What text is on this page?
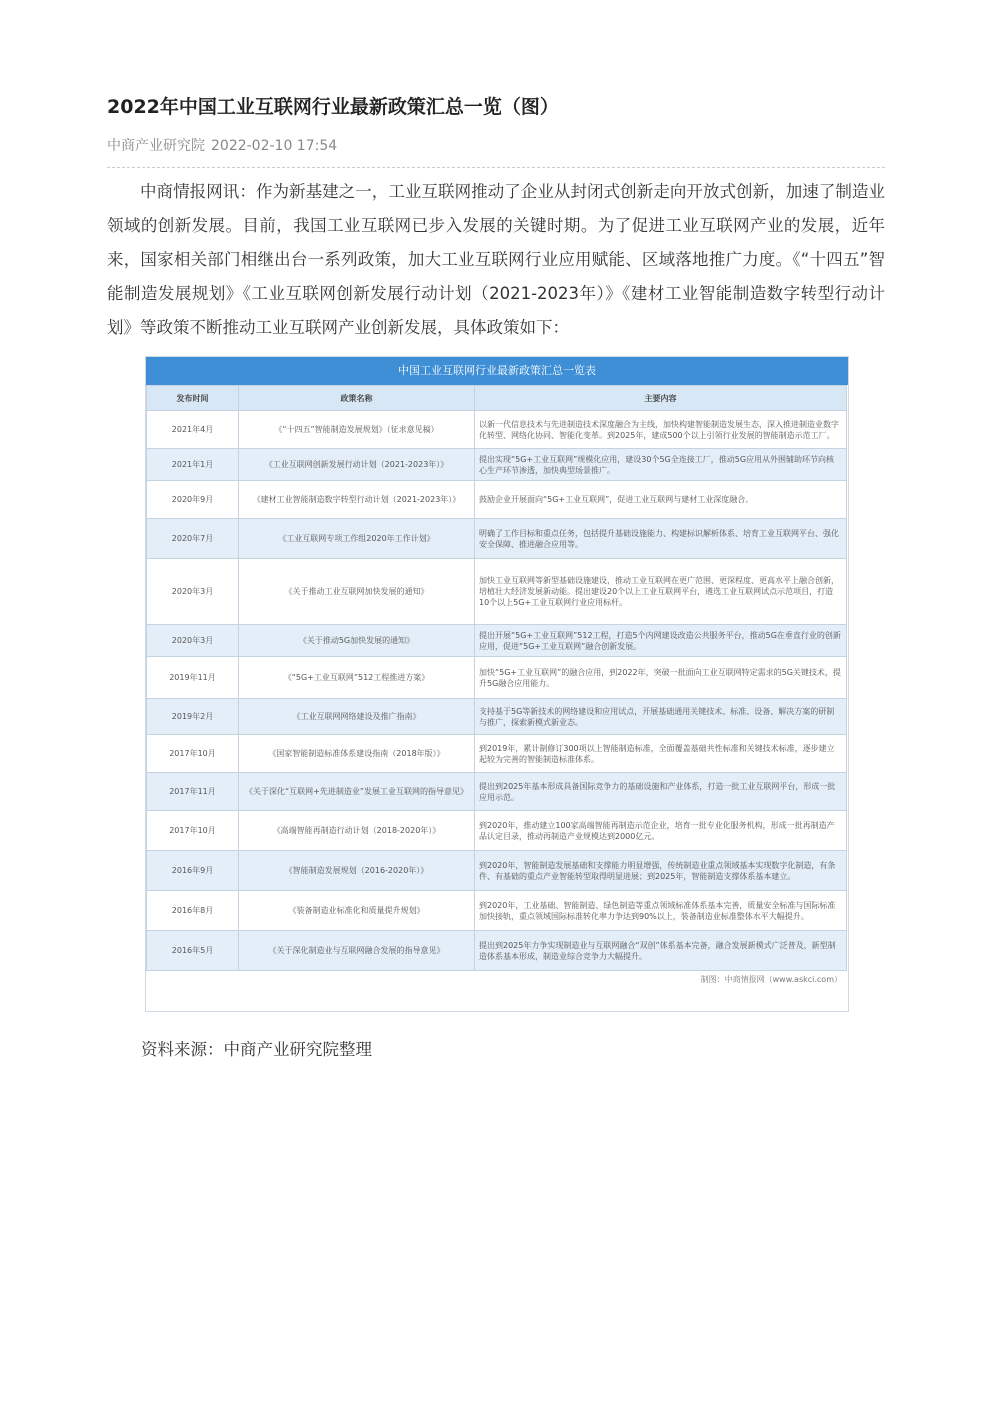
2022年中国工业互联网行业最新政策汇总一览（图）
中商产业研究院 2022-02-10 17:54
中商情报网讯：作为新基建之一，工业互联网推动了企业从封闭式创新走向开放式创新，加速了制造业领域的创新发展。目前，我国工业互联网已步入发展的关键时期。为了促进工业互联网产业的发展，近年来，国家相关部门相继出台一系列政策，加大工业互联网行业应用赋能、区域落地推广力度。《“十四五”智能制造发展规划》《工业互联网创新发展行动计划（2021-2023年）》《建材工业智能制造数字转型行动计划》等政策不断推动工业互联网产业创新发展，具体政策如下：
中国工业互联网行业最新政策汇总一览表
发布时间	政策名称	主要内容
2021年4月	《“十四五”智能制造发展规划》（征求意见稿）	以新一代信息技术与先进制造技术深度融合为主线，加快构建智能制造发展生态，深入推进制造业数字化转型、网络化协同、智能化变革。到2025年，建成500个以上引领行业发展的智能制造示范工厂。
2021年1月	《工业互联网创新发展行动计划（2021-2023年）》	提出实现“5G+工业互联网”规模化应用，建设30个5G全连接工厂，推动5G应用从外围辅助环节向核心生产环节渗透，加快典型场景推广。
2020年9月	《建材工业智能制造数字转型行动计划（2021-2023年）》	鼓励企业开展面向“5G+工业互联网”，促进工业互联网与建材工业深度融合。
2020年7月	《工业互联网专项工作组2020年工作计划》	明确了工作目标和重点任务，包括提升基础设施能力、构建标识解析体系、培育工业互联网平台、强化安全保障、推进融合应用等。
2020年3月	《关于推动工业互联网加快发展的通知》	加快工业互联网等新型基础设施建设，推动工业互联网在更广范围、更深程度、更高水平上融合创新，培植壮大经济发展新动能。提出建设20个以上工业互联网平台，遴选工业互联网试点示范项目，打造10个以上5G+工业互联网行业应用标杆。
2020年3月	《关于推动5G加快发展的通知》	提出开展“5G+工业互联网”512工程，打造5个内网建设改造公共服务平台，推动5G在垂直行业的创新应用，促进“5G+工业互联网”融合创新发展。
2019年11月	《“5G+工业互联网”512工程推进方案》	加快“5G+工业互联网”的融合应用，到2022年，突破一批面向工业互联网特定需求的5G关键技术，提升5G融合应用能力。
2019年2月	《工业互联网网络建设及推广指南》	支持基于5G等新技术的网络建设和应用试点，开展基础通用关键技术、标准、设备、解决方案的研制与推广，探索新模式新业态。
2017年10月	《国家智能制造标准体系建设指南（2018年版）》	到2019年，累计制修订300项以上智能制造标准，全面覆盖基础共性标准和关键技术标准，逐步建立起较为完善的智能制造标准体系。
2017年11月	《关于深化“互联网+先进制造业”发展工业互联网的指导意见》	提出到2025年基本形成具备国际竞争力的基础设施和产业体系，打造一批工业互联网平台，形成一批应用示范。
2017年10月	《高端智能再制造行动计划（2018-2020年）》	到2020年，推动建立100家高端智能再制造示范企业，培育一批专业化服务机构，形成一批再制造产品认定目录，推动再制造产业规模达到2000亿元。
2016年9月	《智能制造发展规划（2016-2020年）》	到2020年，智能制造发展基础和支撑能力明显增强，传统制造业重点领域基本实现数字化制造，有条件、有基础的重点产业智能转型取得明显进展；到2025年，智能制造支撑体系基本建立。
2016年8月	《装备制造业标准化和质量提升规划》	到2020年，工业基础、智能制造、绿色制造等重点领域标准体系基本完善，质量安全标准与国际标准加快接轨，重点领域国际标准转化率力争达到90%以上，装备制造业标准整体水平大幅提升。
2016年5月	《关于深化制造业与互联网融合发展的指导意见》	提出到2025年力争实现制造业与互联网融合“双创”体系基本完备，融合发展新模式广泛普及，新型制造体系基本形成，制造业综合竞争力大幅提升。
制图：中商情报网（www.askci.com）
资料来源：中商产业研究院整理
